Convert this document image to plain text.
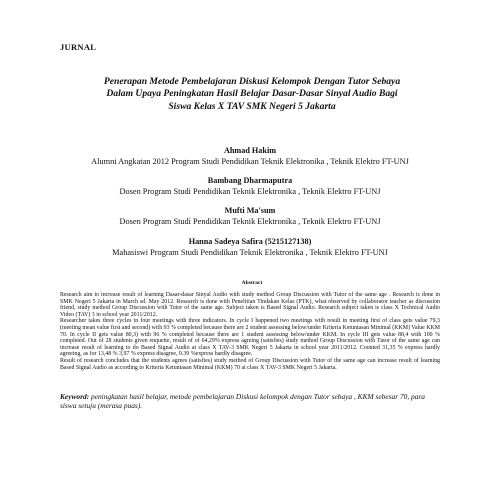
JURNAL
Penerapan Metode Pembelajaran Diskusi Kelompok Dengan Tutor Sebaya
Dalam Upaya Peningkatan Hasil Belajar Dasar-Dasar Sinyal Audio Bagi
Siswa Kelas X TAV SMK Negeri 5 Jakarta
Ahmad Hakim
Alumni Angkatan 2012 Program Studi Pendidikan Teknik Elektronika , Teknik Elektro FT-UNJ
Bambang Dharmaputra
Dosen Program Studi Pendidikan Teknik Elektronika , Teknik Elektro FT-UNJ
Mufti Ma'sum
Dosen Program Studi Pendidikan Teknik Elektronika , Teknik Elektro FT-UNJ
Hanna Sadeya Safira (5215127138)
Mahasiswi Program Studi Pendidikan Teknik Elektronika , Teknik Elektro FT-UNJ
Abstract

Research aim to increase result of learning Dasar-dasar Sinyal Audio with study method Group Discussion with Tutor of the same age . Research is done in SMK Negeri 5 Jakarta in March sd. May 2012. Research is done with Penelitian Tindakan Kelas (PTK), what observed by collaborator teacher as discussion friend, study method Group Discussion with Tutor of the same age. Subject taken is Based Signal Audio. Research subject taken is class X Technical Audio Video (TAV) 3 in school year 2011/2012.

Researcher takes three cycles in four meetings with three indicators. In cycle I happened two meetings with result in meeting first of class gets value 79,3 (meeting mean value first and second) with 93 % completed because there are 2 student assessing below/under Kriteria Ketuntasan Minimal (KKM) Value KKM 70. In cycle II gets value 80,3) with 96 % completed because there are 1 student assessing below/under KKM. In cycle III gets value 88,4 with 100 % completed. Out of 28 students given enquette, result of of 64,29% express agreing (satisfies) study method Group Discussion with Tutor of the same age can increase result of learning to do Based Signal Audio at class X TAV-3 SMK Negeri 5 Jakarta in school year 2011/2012. Counted 31,35 % express hardly agreeing, as for 13,48 % 3,97 % express disagree, 0.39 %express hardly disagree.

Result of research concludes that the students agrees (satisfies) study method of Group Discussion with Tutor of the same age can increase result of learning Based Signal Audio as according to Kriteria Ketuntasan Minimal (KKM) 70 at class X TAV-3 SMK Negeri 5 Jakarta.

Keyword: peningkatan hasil belajar, metode pembelajaran Diskusi kelompok dengan Tutor sebaya , KKM sebesar 70, para siswa setuju (merasa puas).
